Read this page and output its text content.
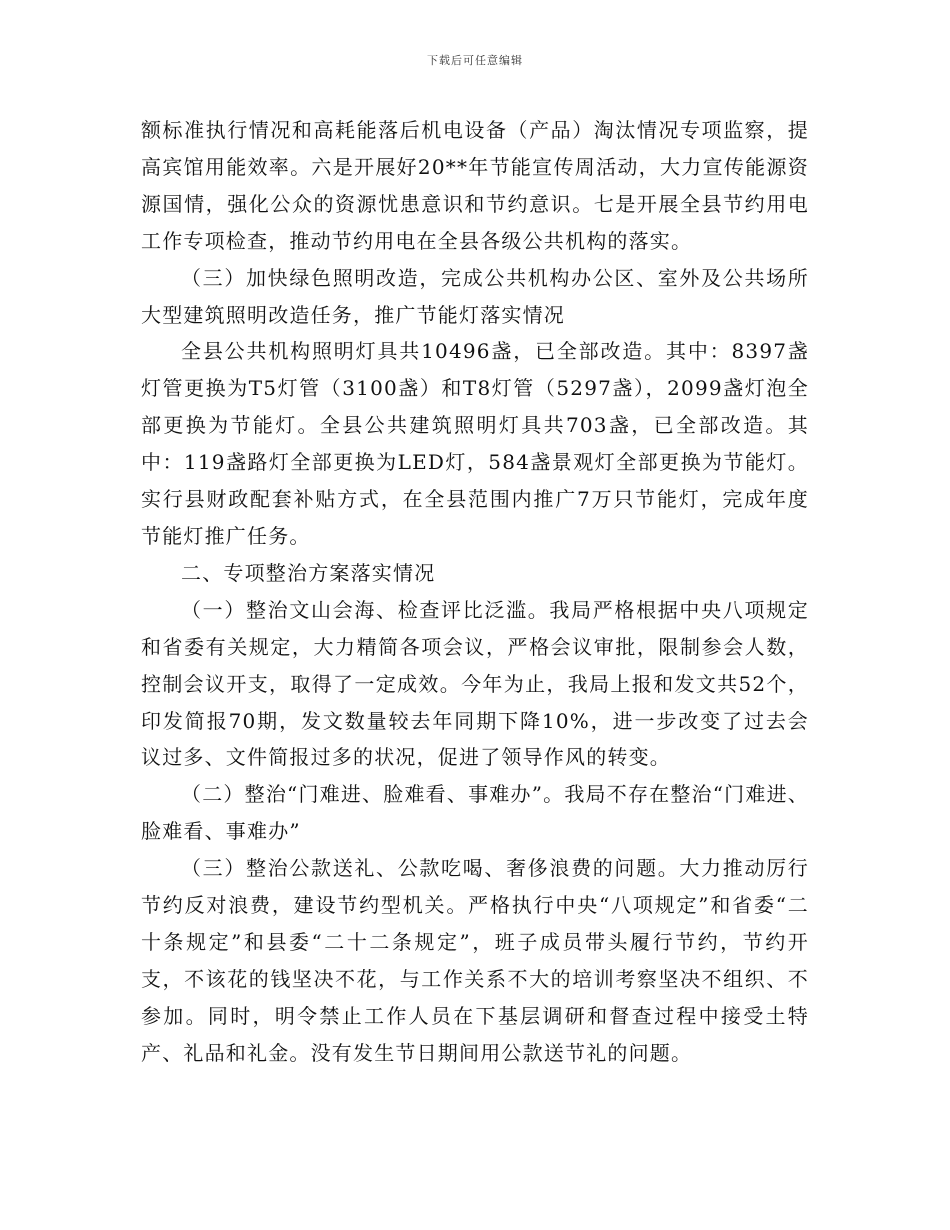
下载后可任意编辑

额标准执行情况和高耗能落后机电设备（产品）淘汰情况专项监察，提高宾馆用能效率。六是开展好20**年节能宣传周活动，大力宣传能源资源国情，强化公众的资源忧患意识和节约意识。七是开展全县节约用电工作专项检查，推动节约用电在全县各级公共机构的落实。

（三）加快绿色照明改造，完成公共机构办公区、室外及公共场所大型建筑照明改造任务，推广节能灯落实情况

全县公共机构照明灯具共10496盏，已全部改造。其中：8397盏灯管更换为T5灯管（3100盏）和T8灯管（5297盏），2099盏灯泡全部更换为节能灯。全县公共建筑照明灯具共703盏，已全部改造。其中：119盏路灯全部更换为LED灯，584盏景观灯全部更换为节能灯。实行县财政配套补贴方式，在全县范围内推广7万只节能灯，完成年度节能灯推广任务。

二、专项整治方案落实情况

（一）整治文山会海、检查评比泛滥。我局严格根据中央八项规定和省委有关规定，大力精简各项会议，严格会议审批，限制参会人数，控制会议开支，取得了一定成效。今年为止，我局上报和发文共52个，印发简报70期，发文数量较去年同期下降10%，进一步改变了过去会议过多、文件简报过多的状况，促进了领导作风的转变。

（二）整治“门难进、脸难看、事难办”。我局不存在整治“门难进、脸难看、事难办”

（三）整治公款送礼、公款吃喝、奢侈浪费的问题。大力推动厉行节约反对浪费，建设节约型机关。严格执行中央“八项规定”和省委“二十条规定”和县委“二十二条规定”，班子成员带头履行节约，节约开支，不该花的钱坚决不花，与工作关系不大的培训考察坚决不组织、不参加。同时，明令禁止工作人员在下基层调研和督查过程中接受土特产、礼品和礼金。没有发生节日期间用公款送节礼的问题。
